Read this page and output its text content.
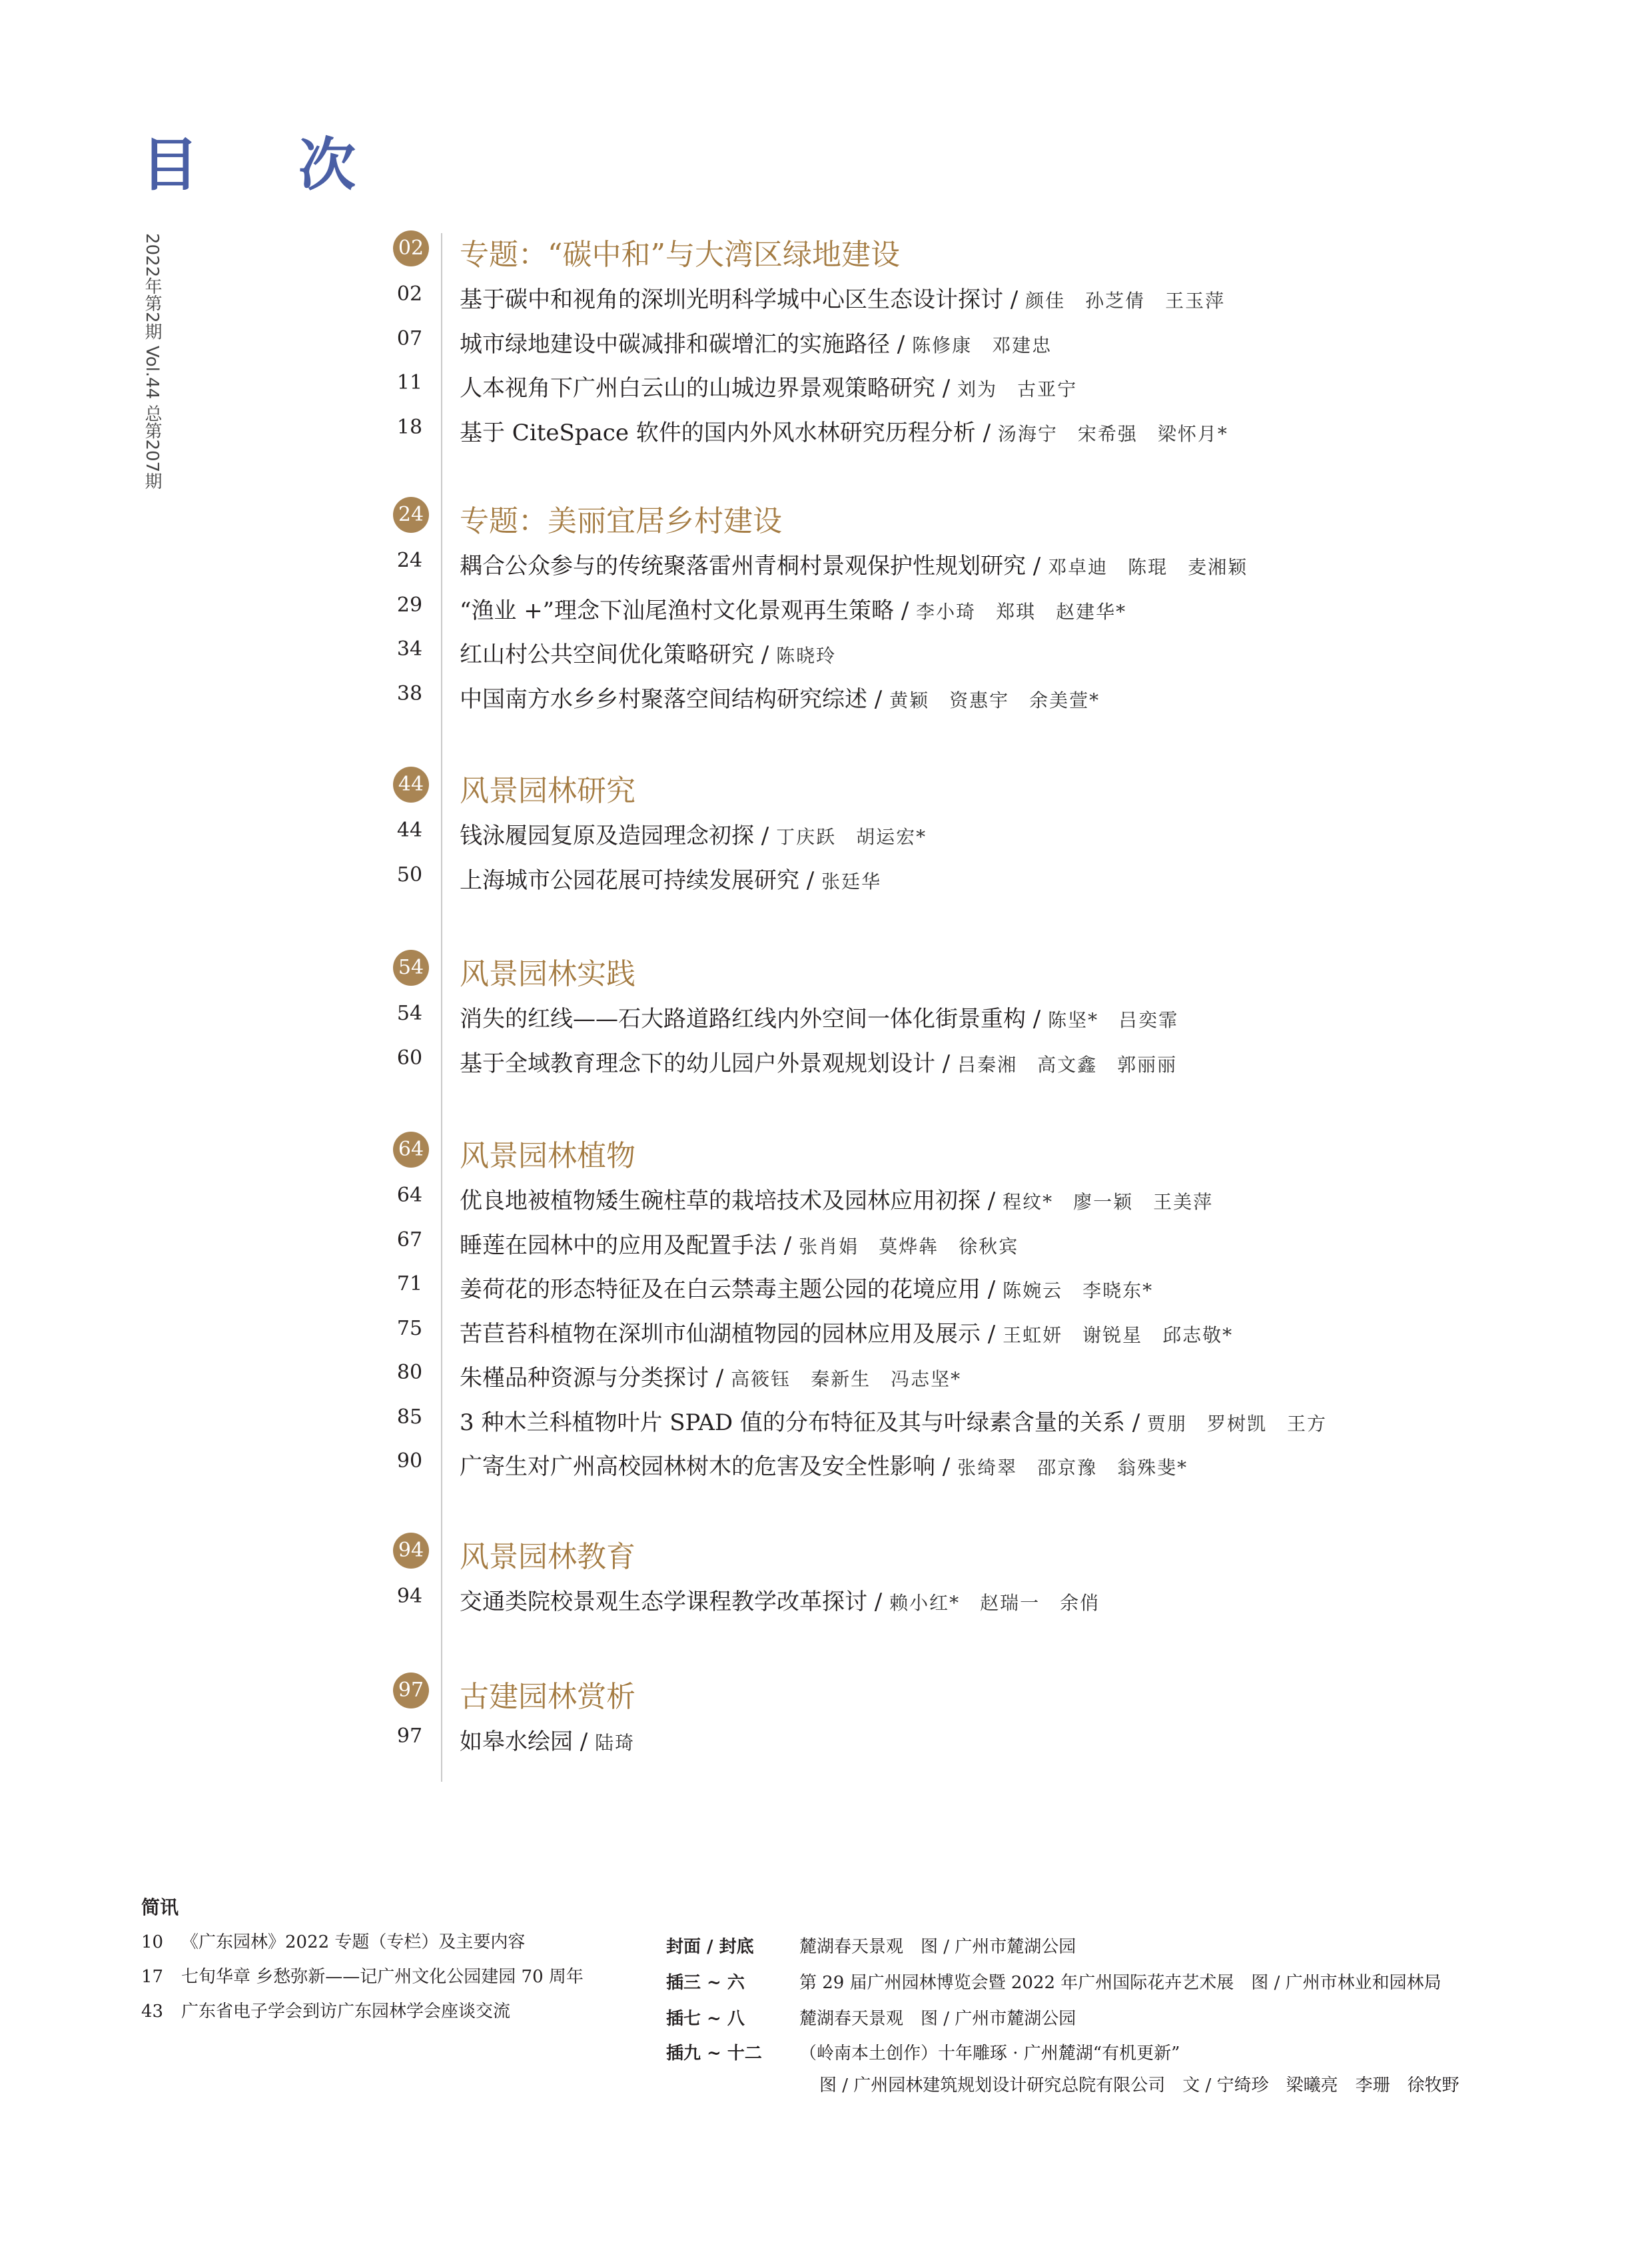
目 次
2022年第2期 Vol.44 总第207期	02 专题：“碳中和”与大湾区绿地建设
02 基于碳中和视角的深圳光明科学城中心区生态设计探讨 / 颜佳　孙芝倩　王玉萍
07 城市绿地建设中碳减排和碳增汇的实施路径 / 陈修康　邓建忠
11 人本视角下广州白云山的山城边界景观策略研究 / 刘为　古亚宁
18 基于 CiteSpace 软件的国内外风水林研究历程分析 / 汤海宁　宋希强　梁怀月*
24 专题：美丽宜居乡村建设
24 耦合公众参与的传统聚落雷州青桐村景观保护性规划研究 / 邓卓迪　陈琨　麦湘颖
29 “渔业 +”理念下汕尾渔村文化景观再生策略 / 李小琦　郑琪　赵建华*
34 红山村公共空间优化策略研究 / 陈晓玲
38 中国南方水乡乡村聚落空间结构研究综述 / 黄颖　资惠宇　余美萱*
44 风景园林研究
44 钱泳履园复原及造园理念初探 / 丁庆跃　胡运宏*
50 上海城市公园花展可持续发展研究 / 张廷华
54 风景园林实践
54 消失的红线——石大路道路红线内外空间一体化街景重构 / 陈坚*　吕奕霏
60 基于全域教育理念下的幼儿园户外景观规划设计 / 吕秦湘　高文鑫　郭丽丽
64 风景园林植物
64 优良地被植物矮生碗柱草的栽培技术及园林应用初探 / 程纹*　廖一颖　王美萍
67 睡莲在园林中的应用及配置手法 / 张肖娟　莫烨犇　徐秋宾
71 姜荷花的形态特征及在白云禁毒主题公园的花境应用 / 陈婉云　李晓东*
75 苦苣苔科植物在深圳市仙湖植物园的园林应用及展示 / 王虹妍　谢锐星　邱志敬*
80 朱槿品种资源与分类探讨 / 高筱钰　秦新生　冯志坚*
85 3 种木兰科植物叶片 SPAD 值的分布特征及其与叶绿素含量的关系 / 贾朋　罗树凯　王方
90 广寄生对广州高校园林树木的危害及安全性影响 / 张绮翠　邵京豫　翁殊斐*
94 风景园林教育
94 交通类院校景观生态学课程教学改革探讨 / 赖小红*　赵瑞一　余俏
97 古建园林赏析
97 如皋水绘园 / 陆琦
简讯
10 《广东园林》2022 专题（专栏）及主要内容
17 七旬华章 乡愁弥新——记广州文化公园建园 70 周年
43 广东省电子学会到访广东园林学会座谈交流
封面 / 封底	麓湖春天景观　图 / 广州市麓湖公园
插三 ~ 六	第 29 届广州园林博览会暨 2022 年广州国际花卉艺术展　图 / 广州市林业和园林局
插七 ~ 八	麓湖春天景观　图 / 广州市麓湖公园
插九 ~ 十二 （岭南本土创作）十年雕琢 · 广州麓湖“有机更新”
图 / 广州园林建筑规划设计研究总院有限公司　文 / 宁绮珍　梁曦亮　李珊　徐牧野
